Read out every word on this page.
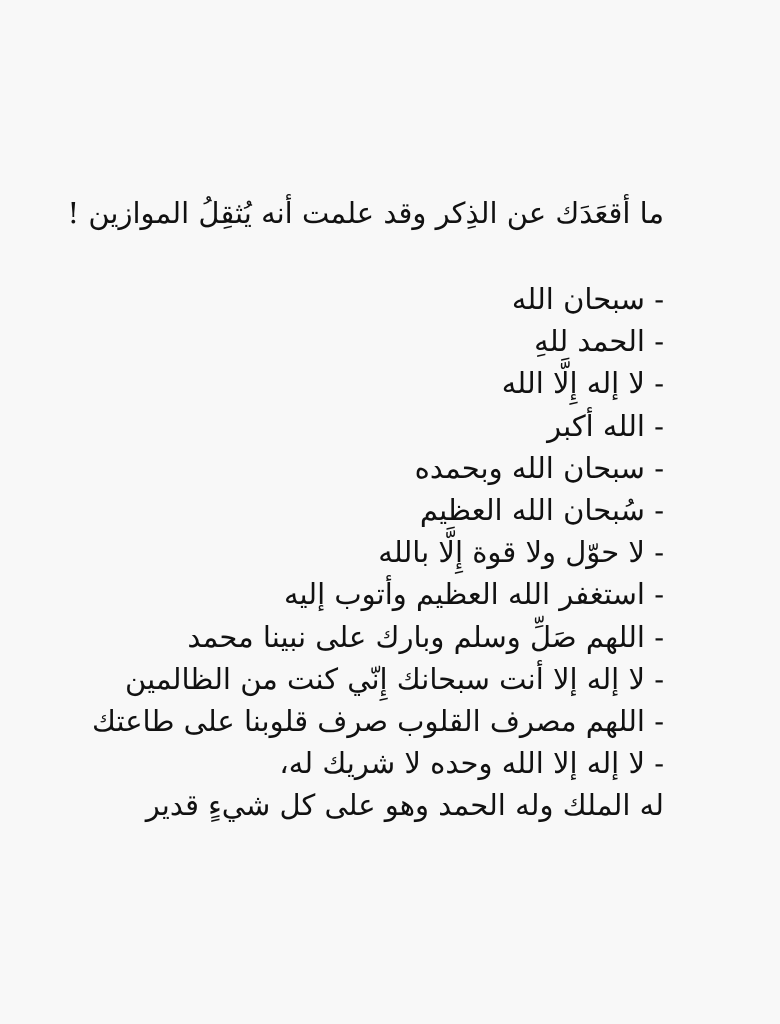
ما أقعَدَك عن الذِكر وقد علمت أنه يُثقِلُ الموازين !
- سبحان الله
- الحمد للهِ
- لا إله إِلَّا الله
- الله أكبر
- سبحان الله وبحمده
- سُبحان الله العظيم
- لا حوّل ولا قوة إِلَّا بالله
- استغفر الله العظيم وأتوب إليه
- اللهم صَلِّ وسلم وبارك على نبينا محمد
- لا إله إلا أنت سبحانك إِنّي كنت من الظالمين
- اللهم مصرف القلوب صرف قلوبنا على طاعتك
- لا إله إلا الله وحده لا شريك له،
له الملك وله الحمد وهو على كل شيءٍ قدير
